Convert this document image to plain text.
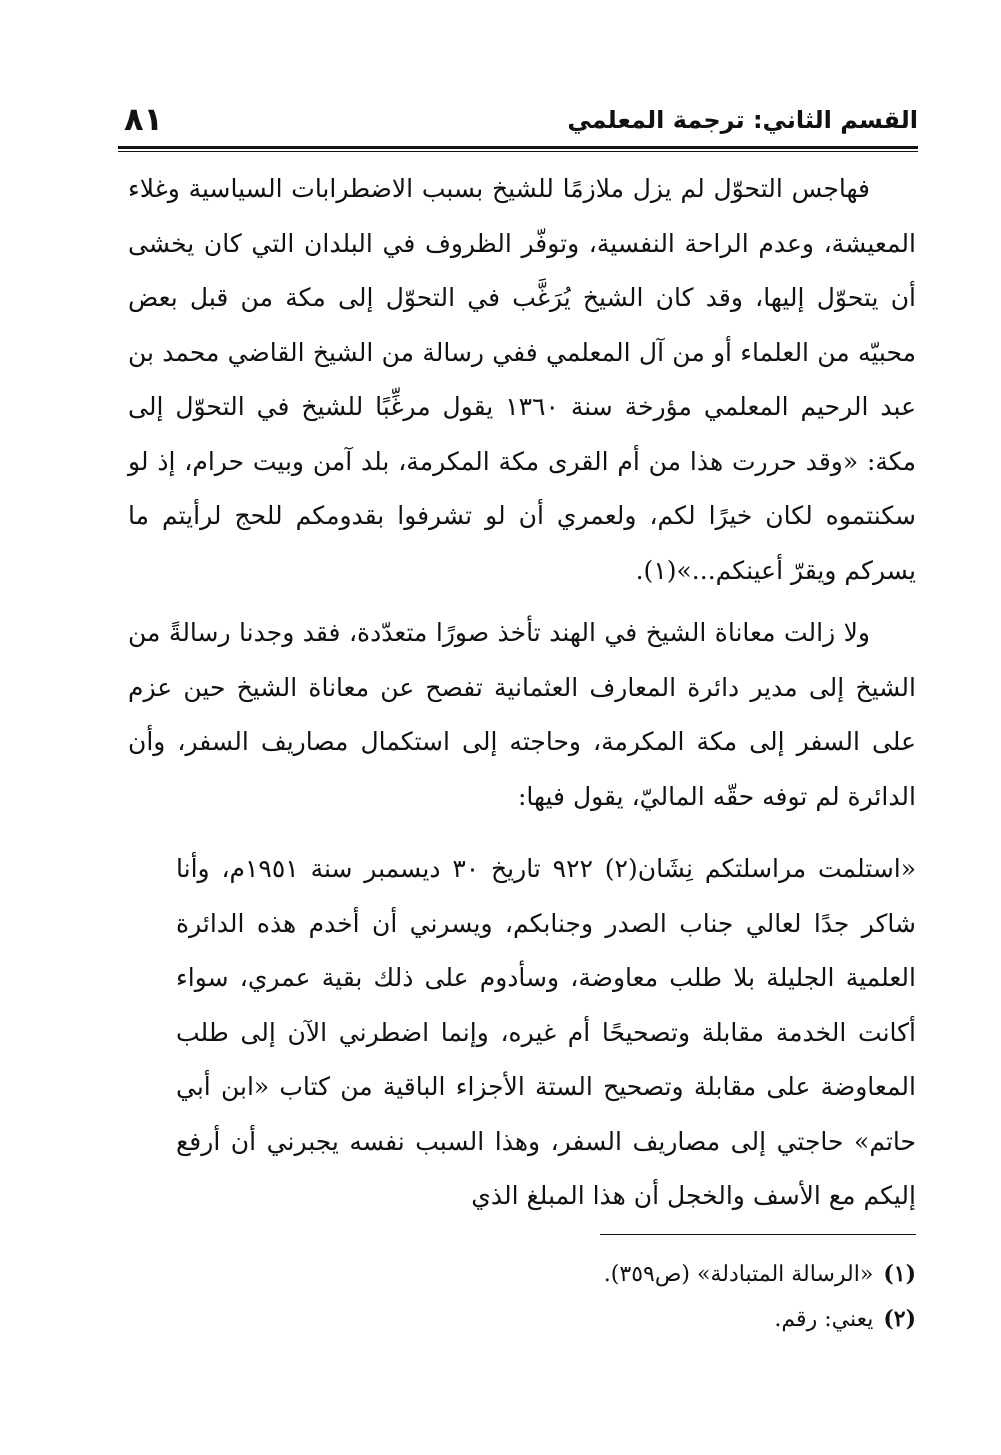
القسم الثاني: ترجمة المعلمي
٨١

فهاجس التحوّل لم يزل ملازمًا للشيخ بسبب الاضطرابات السياسية وغلاء المعيشة، وعدم الراحة النفسية، وتوفّر الظروف في البلدان التي كان يخشى أن يتحوّل إليها، وقد كان الشيخ يُرَغَّب في التحوّل إلى مكة من قبل بعض محبيّه من العلماء أو من آل المعلمي ففي رسالة من الشيخ القاضي محمد بن عبد الرحيم المعلمي مؤرخة سنة ١٣٦٠ يقول مرغِّبًا للشيخ في التحوّل إلى مكة: «وقد حررت هذا من أم القرى مكة المكرمة، بلد آمن وبيت حرام، إذ لو سكنتموه لكان خيرًا لكم، ولعمري أن لو تشرفوا بقدومكم للحج لرأيتم ما يسركم ويقرّ أعينكم...»(١).

ولا زالت معاناة الشيخ في الهند تأخذ صورًا متعدّدة، فقد وجدنا رسالةً من الشيخ إلى مدير دائرة المعارف العثمانية تفصح عن معاناة الشيخ حين عزم على السفر إلى مكة المكرمة، وحاجته إلى استكمال مصاريف السفر، وأن الدائرة لم توفه حقّه الماليّ، يقول فيها:

«استلمت مراسلتكم نِشَان(٢) ٩٢٢ تاريخ ٣٠ ديسمبر سنة ١٩٥١م، وأنا شاكر جدًا لعالي جناب الصدر وجنابكم، ويسرني أن أخدم هذه الدائرة العلمية الجليلة بلا طلب معاوضة، وسأدوم على ذلك بقية عمري، سواء أكانت الخدمة مقابلة وتصحيحًا أم غيره، وإنما اضطرني الآن إلى طلب المعاوضة على مقابلة وتصحيح الستة الأجزاء الباقية من كتاب «ابن أبي حاتم» حاجتي إلى مصاريف السفر، وهذا السبب نفسه يجبرني أن أرفع إليكم مع الأسف والخجل أن هذا المبلغ الذي

(١)«الرسالة المتبادلة» (ص٣٥٩).

(٢)يعني: رقم.
